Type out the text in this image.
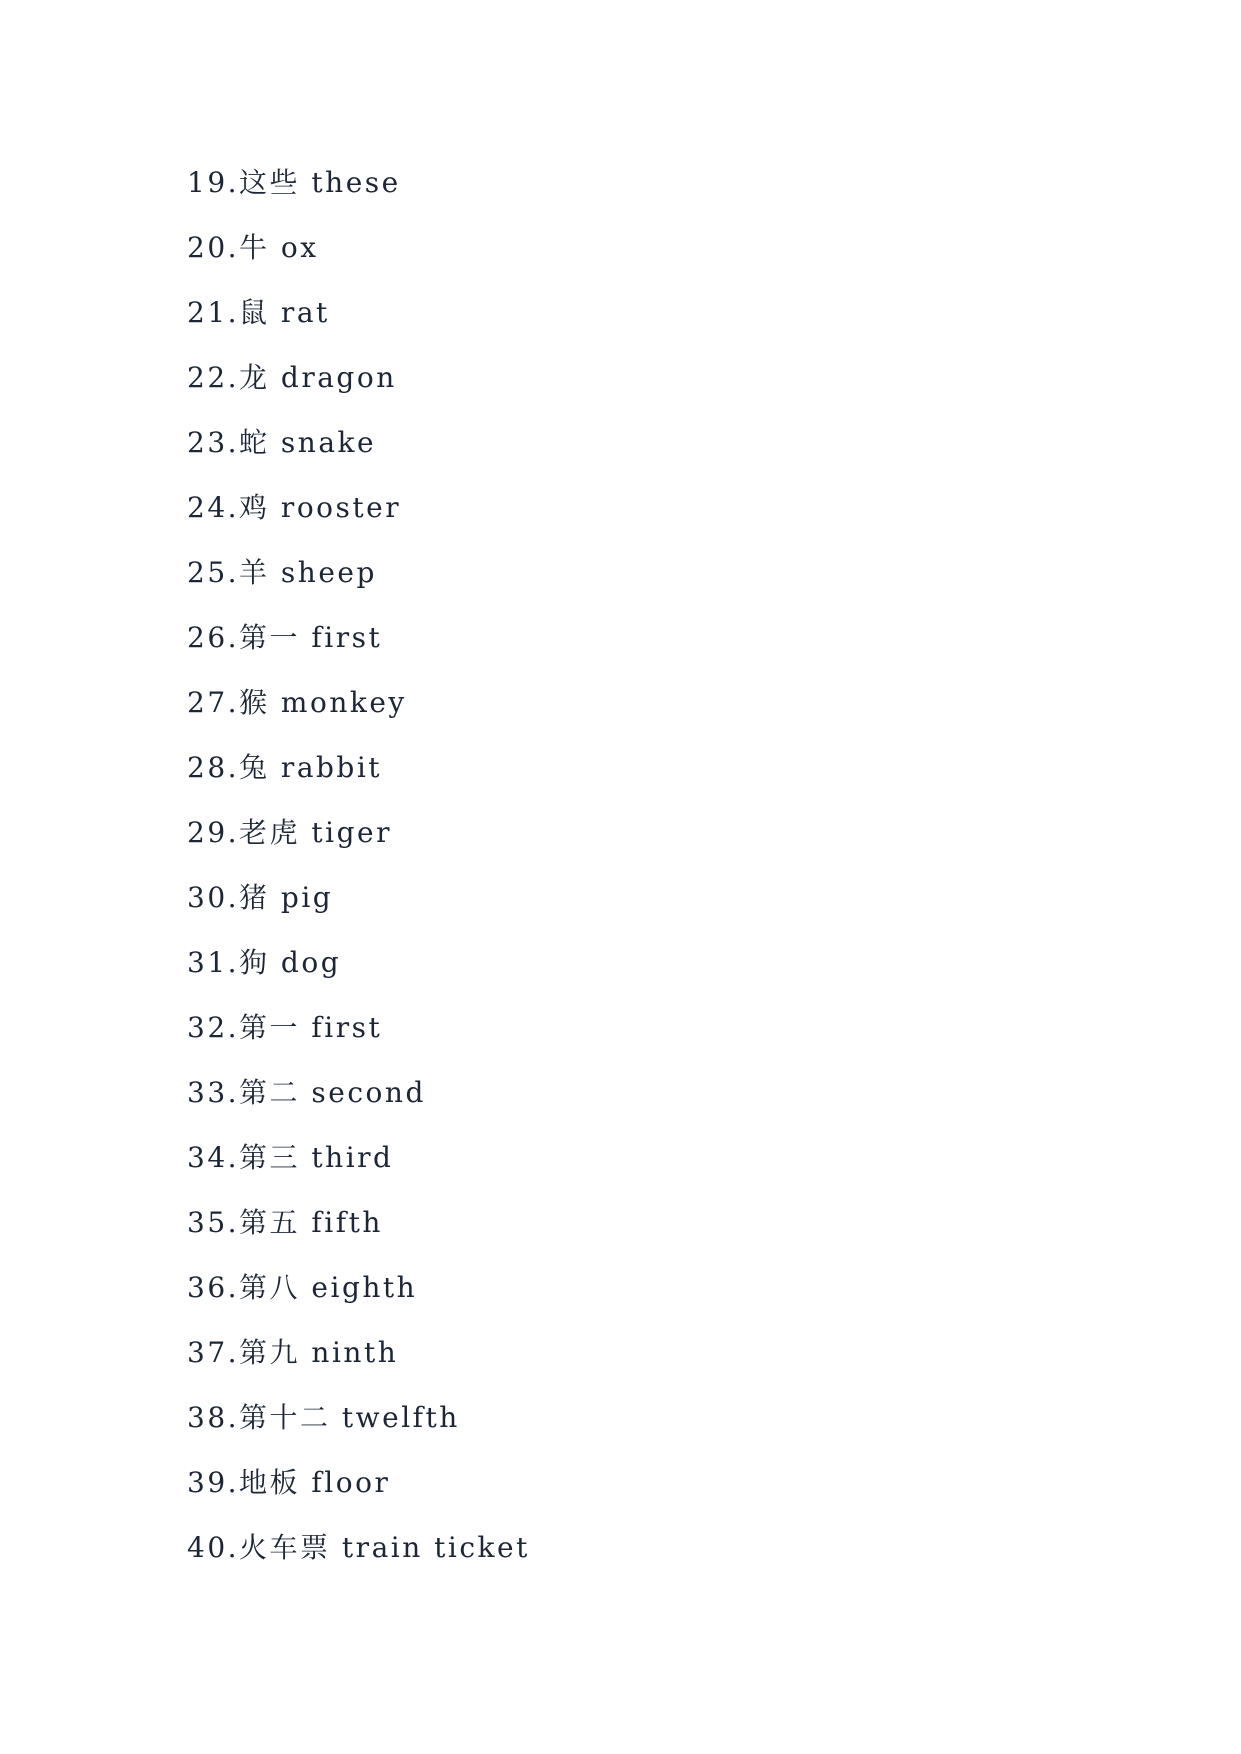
19.这些 these
20.牛 ox
21.鼠 rat
22.龙 dragon
23.蛇 snake
24.鸡 rooster
25.羊 sheep
26.第一 first
27.猴 monkey
28.兔 rabbit
29.老虎 tiger
30.猪 pig
31.狗 dog
32.第一 first
33.第二 second
34.第三 third
35.第五 fifth
36.第八 eighth
37.第九 ninth
38.第十二 twelfth
39.地板 floor
40.火车票 train ticket
